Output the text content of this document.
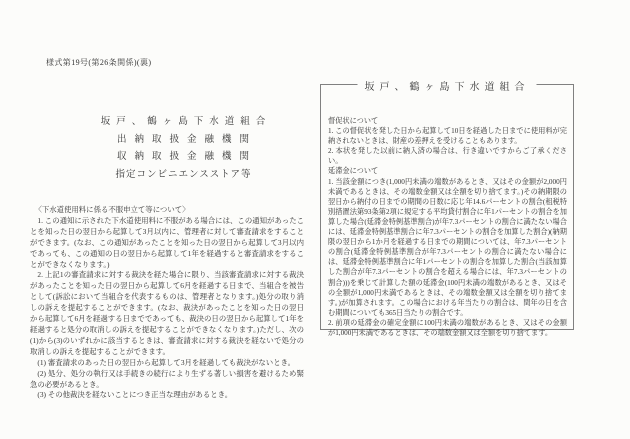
様式第19号(第26条関係)(裏)
坂戸、鶴ヶ島下水道組合
出納取扱金融機関
収納取扱金融機関
指定コンビニエンスストア等

〈下水道使用料に係る不服申立て等について〉

1. この通知に示された下水道使用料に不服がある場合には、この通知があったことを知った日の翌日から起算して3月以内に、管理者に対して審査請求をすることができます。(なお、この通知があったことを知った日の翌日から起算して3月以内であっても、この通知の日の翌日から起算して1年を経過すると審査請求をすることができなくなります。)

2. 上記1の審査請求に対する裁決を経た場合に限り、当該審査請求に対する裁決があったことを知った日の翌日から起算して6月を経過する日まで、当組合を被告として(訴訟において当組合を代表するものは、管理者となります。)処分の取り消しの訴えを提起することができます。(なお、裁決があったことを知った日の翌日から起算して6月を経過する日までであっても、裁決の日の翌日から起算して1年を経過すると処分の取消しの訴えを提起することができなくなります。)ただし、次の(1)から(3)のいずれかに該当するときは、審査請求に対する裁決を経ないで処分の取消しの訴えを提起することができます。

(1) 審査請求のあった日の翌日から起算して3月を経過しても裁決がないとき。

(2) 処分、処分の執行又は手続きの続行により生ずる著しい損害を避けるため緊急の必要があるとき。

(3) その他裁決を経ないことにつき正当な理由があるとき。

坂戸、鶴ヶ島下水道組合

督促状について

1. この督促状を発した日から起算して10日を経過した日までに使用料が完納されないときは、財産の差押えを受けることもあります。

2. 本状を発した以前に納入済の場合は、行き違いですからご了承ください。

延滞金について

1. 当該金額につき(1,000円未満の端数があるとき、又はその金額が2,000円未満であるときは、その端数金額又は全額を切り捨てます。)その納期限の翌日から納付の日までの期間の日数に応じ年14.6パーセントの割合(租税特別措置法第93条第2項に規定する平均貸付割合に年1パーセントの割合を加算した場合(延滞金特例基準割合)が年7.3パーセントの割合に満たない場合には、延滞金特例基準割合に年7.3パーセントの割合を加算した割合)(納期限の翌日から1か月を経過する日までの期間については、年7.3パーセントの割合(延滞金特例基準割合が年7.3パーセントの割合に満たない場合には、延滞金特例基準割合に年1パーセントの割合を加算した割合(当該加算した割合が年7.3パーセントの割合を超える場合には、年7.3パーセントの割合)))を乗じて計算した額の延滞金(100円未満の端数があるとき、又はその全額が1,000円未満であるときは、その端数金額又は全額を切り捨てます。)が加算されます。この場合における年当たりの割合は、閏年の日を含む期間についても365日当たりの割合です。

2. 前項の延滞金の確定金額に100円未満の端数があるとき、又はその金額が1,000円未満であるときは、その端数金額又は全額を切り捨てます。
